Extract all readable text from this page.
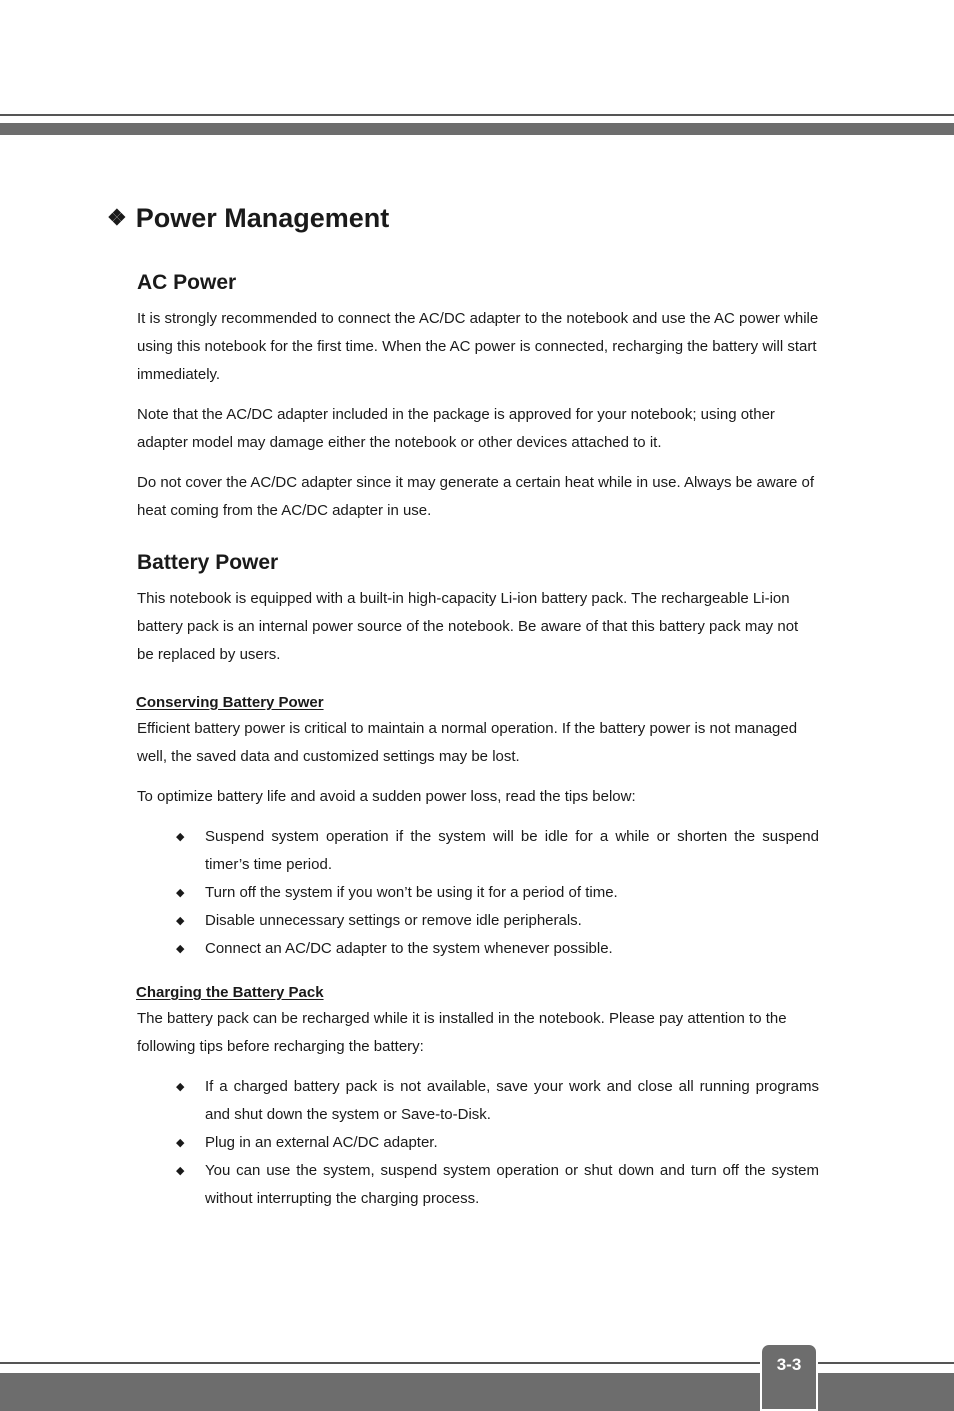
❖ Power Management
AC Power

It is strongly recommended to connect the AC/DC adapter to the notebook and use the AC power while using this notebook for the first time. When the AC power is connected, recharging the battery will start immediately.

Note that the AC/DC adapter included in the package is approved for your notebook; using other adapter model may damage either the notebook or other devices attached to it.

Do not cover the AC/DC adapter since it may generate a certain heat while in use. Always be aware of heat coming from the AC/DC adapter in use.

Battery Power

This notebook is equipped with a built-in high-capacity Li-ion battery pack. The rechargeable Li-ion battery pack is an internal power source of the notebook. Be aware of that this battery pack may not be replaced by users.

Conserving Battery Power

Efficient battery power is critical to maintain a normal operation. If the battery power is not managed well, the saved data and customized settings may be lost.

To optimize battery life and avoid a sudden power loss, read the tips below:

◆ Suspend system operation if the system will be idle for a while or shorten the suspend timer’s time period.
◆ Turn off the system if you won’t be using it for a period of time.
◆ Disable unnecessary settings or remove idle peripherals.
◆ Connect an AC/DC adapter to the system whenever possible.
Charging the Battery Pack

The battery pack can be recharged while it is installed in the notebook. Please pay attention to the following tips before recharging the battery:

◆ If a charged battery pack is not available, save your work and close all running programs and shut down the system or Save-to-Disk.
◆ Plug in an external AC/DC adapter.
◆ You can use the system, suspend system operation or shut down and turn off the system without interrupting the charging process.
3-3
